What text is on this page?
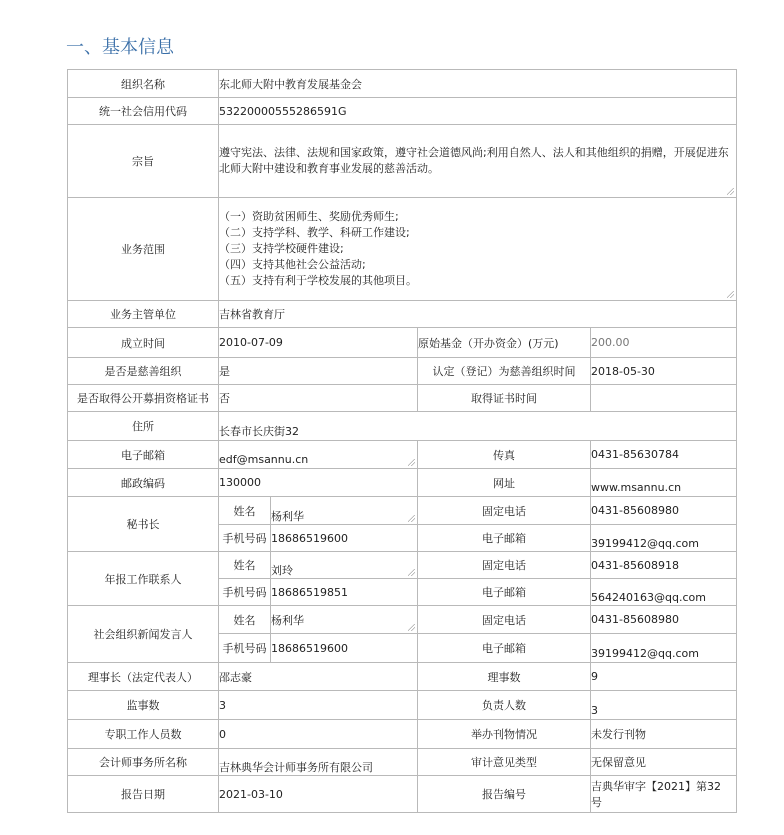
一、基本信息
组织名称	东北师大附中教育发展基金会			
统一社会信用代码	53220000555286591G			
宗旨	遵守宪法、法律、法规和国家政策，遵守社会道德风尚;利用自然人、法人和其他组织的捐赠，开展促进东
北师大附中建设和教育事业发展的慈善活动。			

业务范围	（一）资助贫困师生、奖励优秀师生;
（二）支持学科、教学、科研工作建设;
（三）支持学校硬件建设;
（四）支持其他社会公益活动;
（五）支持有利于学校发展的其他项目。			

业务主管单位	吉林省教育厅			
成立时间	2010-07-09		原始基金（开办资金）(万元)	200.00
是否是慈善组织	是		认定（登记）为慈善组织时间	2018-05-30
是否取得公开募捐资格证书	否		取得证书时间	
住所	长春市长庆街32			
电子邮箱	edf@msannu.cn		传真	0431-85630784
邮政编码	130000		网址	www.msannu.cn
秘书长	姓名	杨利华	固定电话	0431-85608980
	手机号码	18686519600	电子邮箱	39199412@qq.com
年报工作联系人	姓名	刘玲	固定电话	0431-85608918
	手机号码	18686519851	电子邮箱	564240163@qq.com
社会组织新闻发言人	姓名	杨利华	固定电话	0431-85608980
	手机号码	18686519600	电子邮箱	39199412@qq.com
理事长（法定代表人）	邵志豪		理事数	9
监事数	3		负责人数	3
专职工作人员数	0		举办刊物情况	未发行刊物
会计师事务所名称	吉林典华会计师事务所有限公司		审计意见类型	无保留意见
报告日期	2021-03-10		报告编号	吉典华审字【2021】第32
号
